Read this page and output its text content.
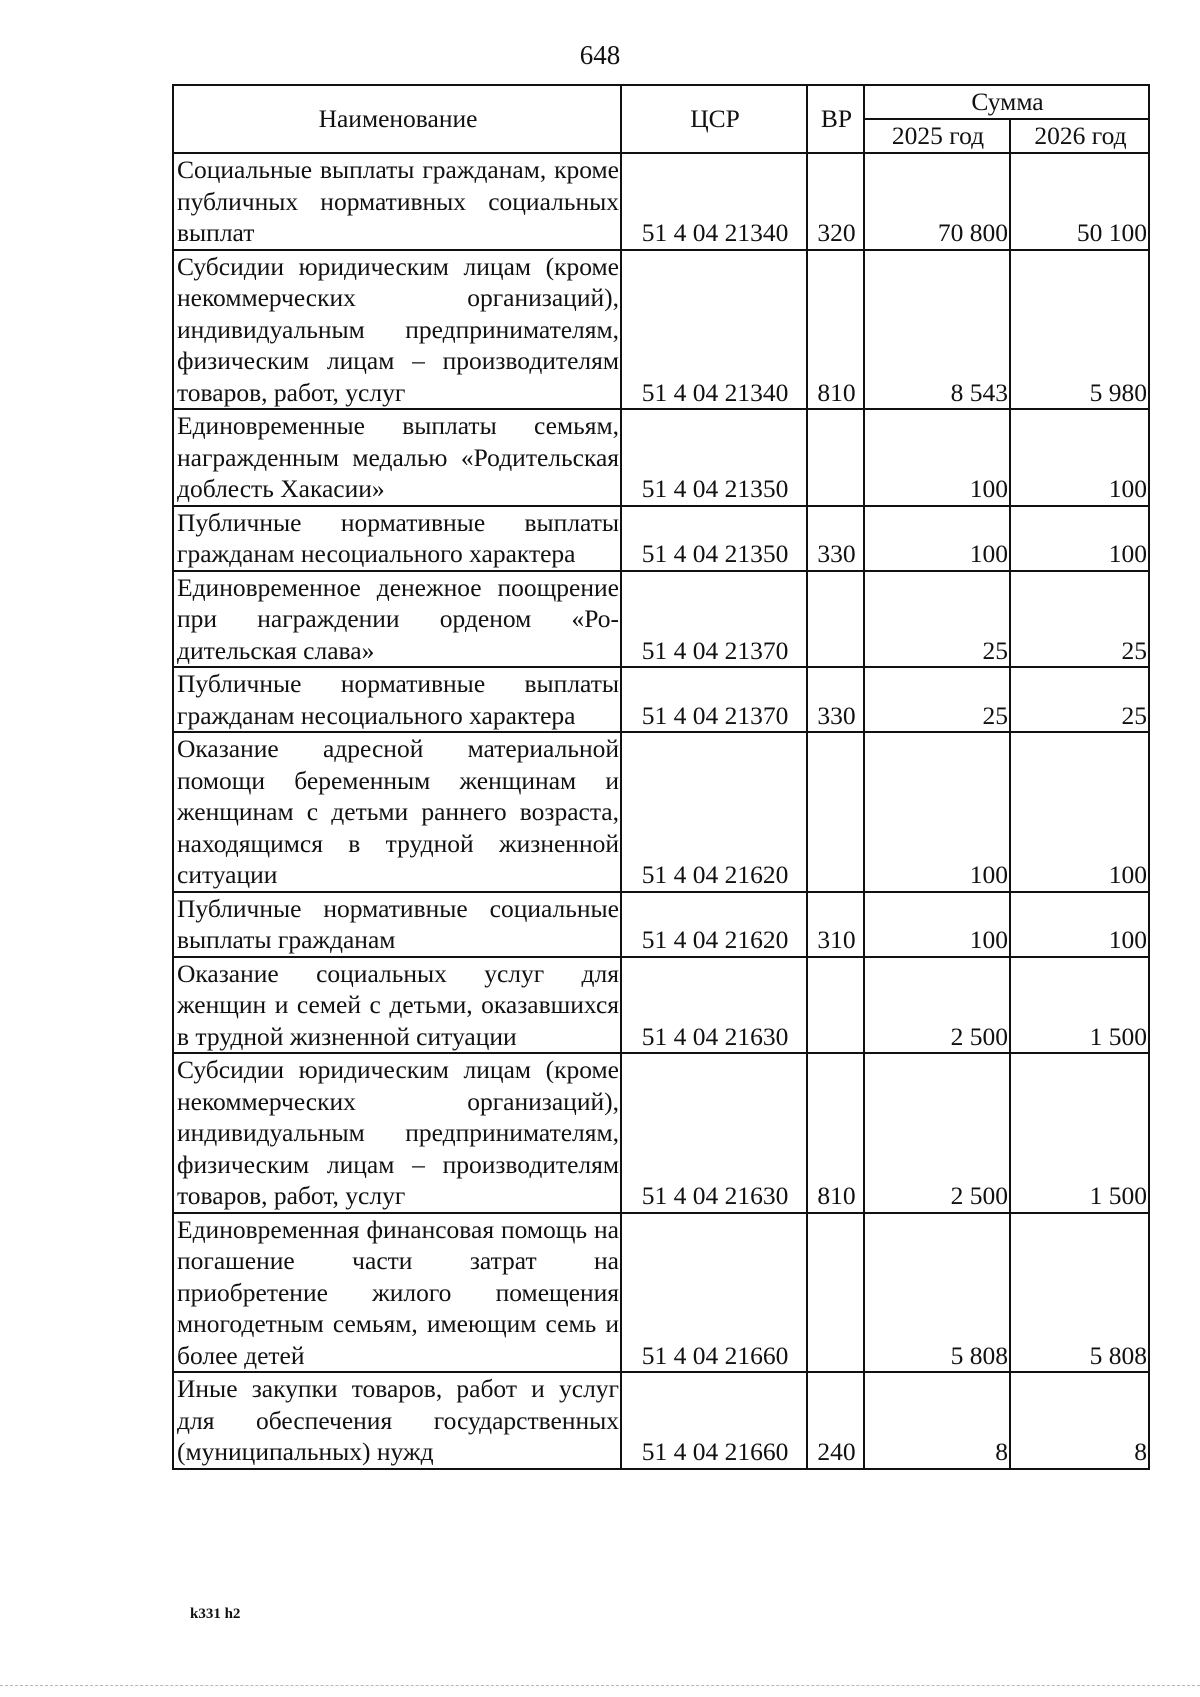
648
Наименование	ЦСР	ВР	Сумма	
			2025 год	2026 год
Социальные выплаты гражданам, кроме публичных нормативных социальных выплат	51 4 04 21340	320	70 800	50 100
Субсидии юридическим лицам (кроме некоммерческих организаций), индивидуальным предпринимателям, физическим лицам – производителям товаров, работ, услуг	51 4 04 21340	810	8 543	5 980
Единовременные выплаты семьям, награжденным медалью «Родительская доблесть Хакасии»	51 4 04 21350		100	100
Публичные нормативные выплаты гражданам несоциального характера	51 4 04 21350	330	100	100
Единовременное денежное поощрение при награждении орденом «Родительская слава»	51 4 04 21370		25	25
Публичные нормативные выплаты гражданам несоциального характера	51 4 04 21370	330	25	25
Оказание адресной материальной помощи беременным женщинам и женщинам с детьми раннего возраста, находящимся в трудной жизненной ситуации	51 4 04 21620		100	100
Публичные нормативные социальные выплаты гражданам	51 4 04 21620	310	100	100
Оказание социальных услуг для женщин и семей с детьми, оказавшихся в трудной жизненной ситуации	51 4 04 21630		2 500	1 500
Субсидии юридическим лицам (кроме некоммерческих организаций), индивидуальным предпринимателям, физическим лицам – производителям товаров, работ, услуг	51 4 04 21630	810	2 500	1 500
Единовременная финансовая помощь на погашение части затрат на приобретение жилого помещения многодетным семьям, имеющим семь и более детей	51 4 04 21660		5 808	5 808
Иные закупки товаров, работ и услуг для обеспечения государственных (муниципальных) нужд	51 4 04 21660	240	8	8
k331 h2
